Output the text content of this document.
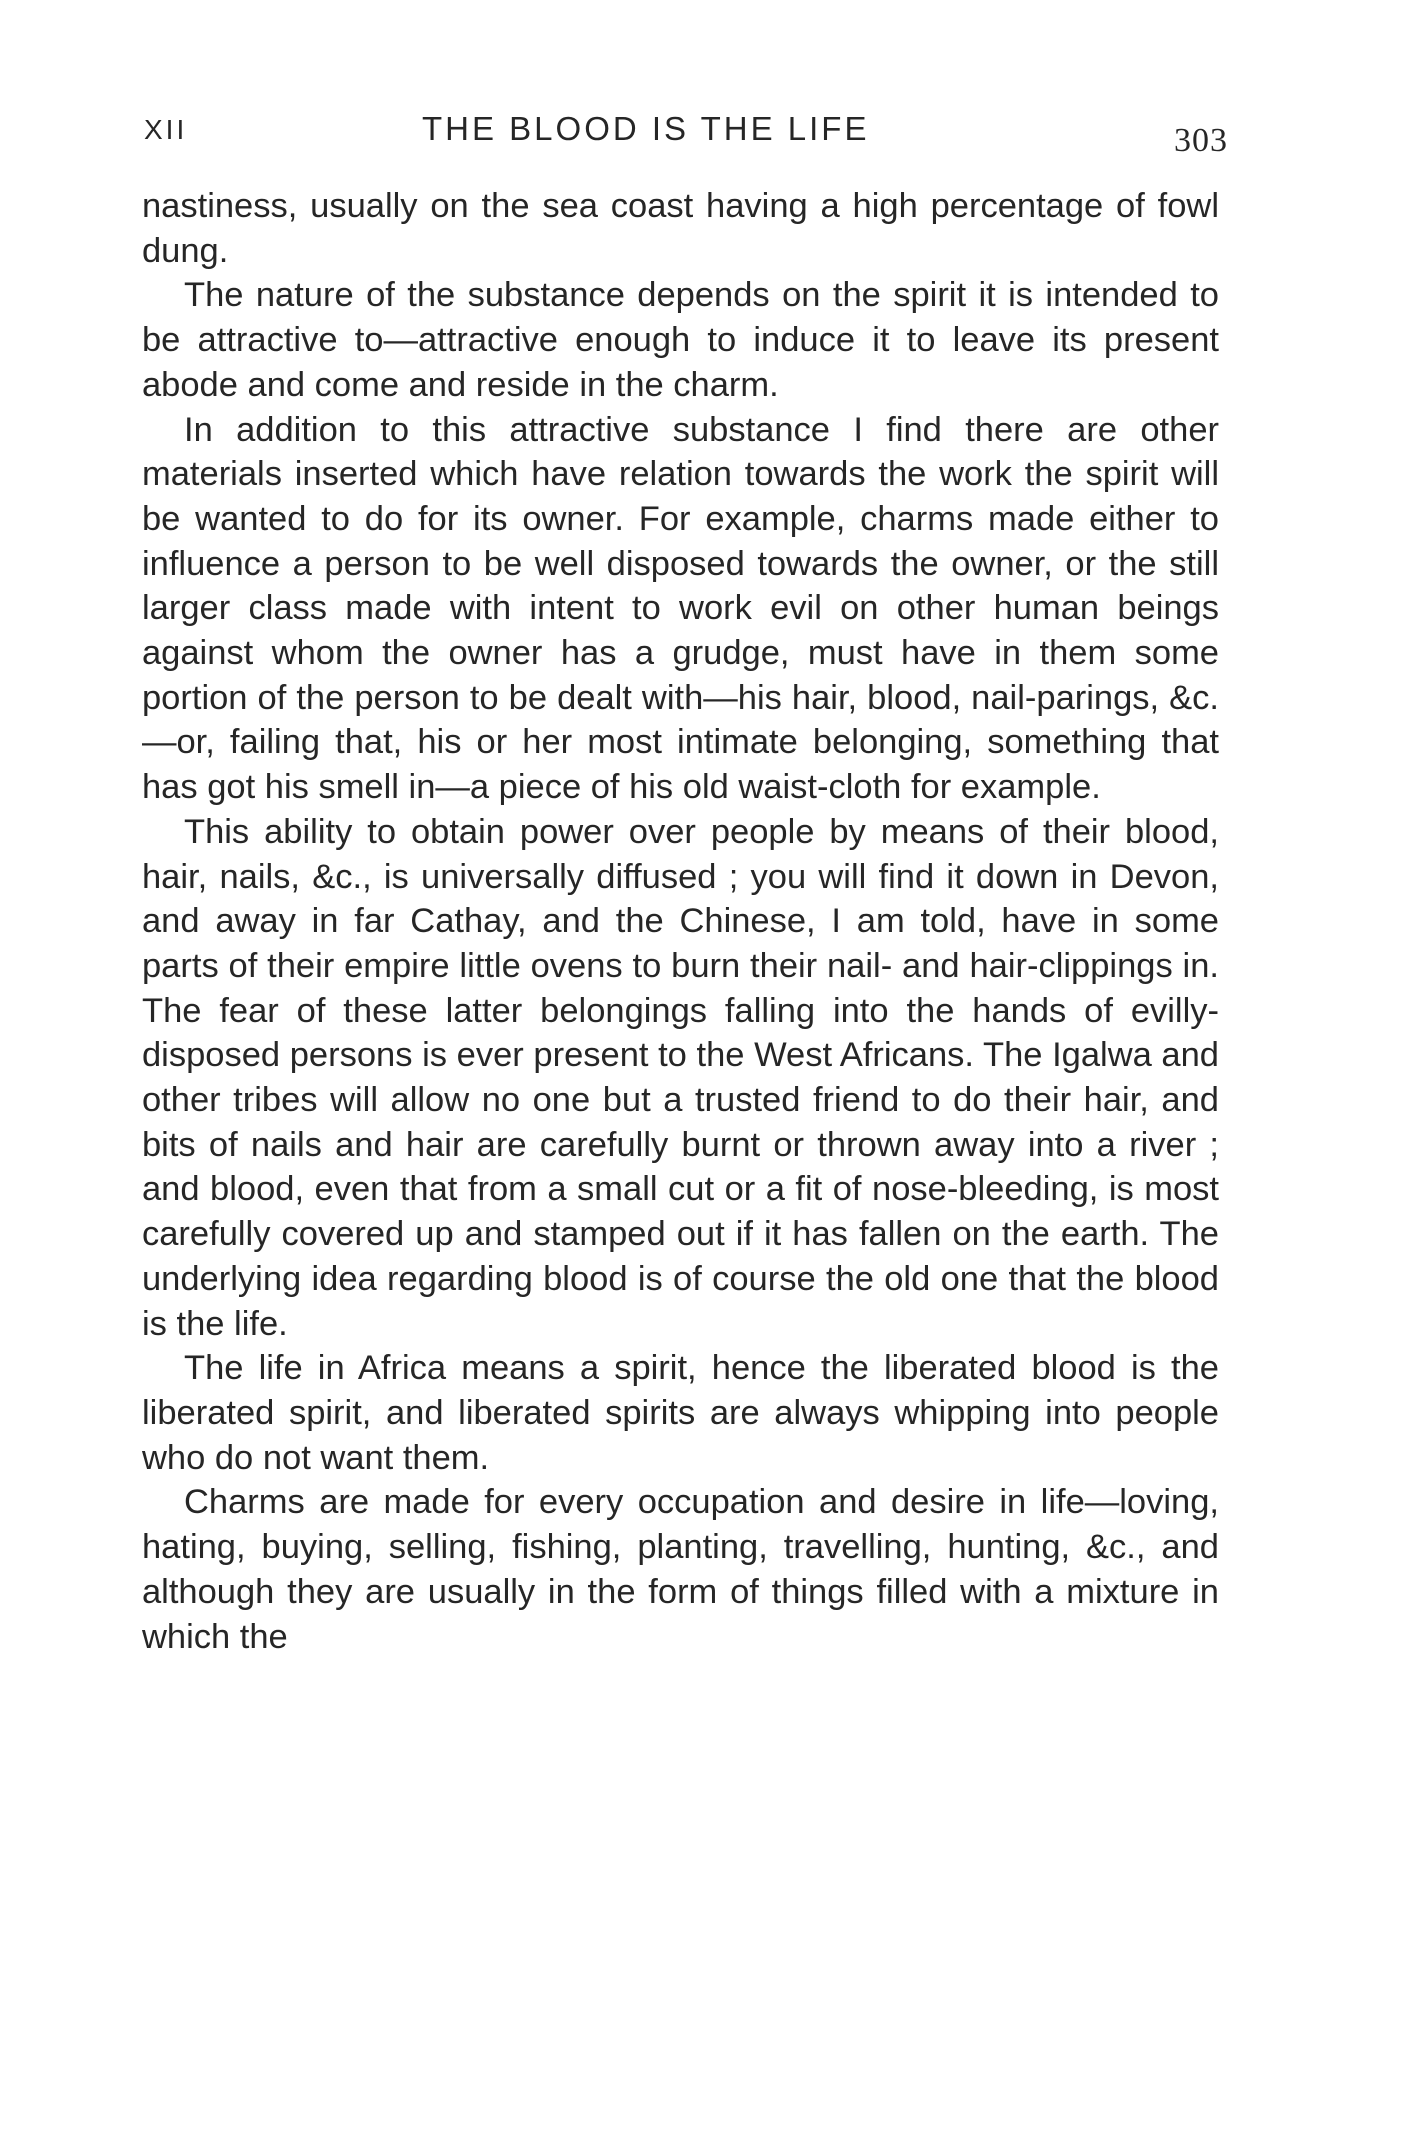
XII	THE BLOOD IS THE LIFE	303

nastiness, usually on the sea coast having a high percentage of fowl dung.

The nature of the substance depends on the spirit it is intended to be attractive to—attractive enough to induce it to leave its present abode and come and reside in the charm.

In addition to this attractive substance I find there are other materials inserted which have relation towards the work the spirit will be wanted to do for its owner. For example, charms made either to influence a person to be well disposed towards the owner, or the still larger class made with intent to work evil on other human beings against whom the owner has a grudge, must have in them some portion of the person to be dealt with—his hair, blood, nail-parings, &c.—or, failing that, his or her most intimate belonging, something that has got his smell in—a piece of his old waist-cloth for example.

This ability to obtain power over people by means of their blood, hair, nails, &c., is universally diffused ; you will find it down in Devon, and away in far Cathay, and the Chinese, I am told, have in some parts of their empire little ovens to burn their nail- and hair-clippings in. The fear of these latter belongings falling into the hands of evilly-disposed persons is ever present to the West Africans. The Igalwa and other tribes will allow no one but a trusted friend to do their hair, and bits of nails and hair are carefully burnt or thrown away into a river ; and blood, even that from a small cut or a fit of nose-bleeding, is most carefully covered up and stamped out if it has fallen on the earth. The underlying idea regarding blood is of course the old one that the blood is the life.

The life in Africa means a spirit, hence the liberated blood is the liberated spirit, and liberated spirits are always whipping into people who do not want them.

Charms are made for every occupation and desire in life—loving, hating, buying, selling, fishing, planting, travelling, hunting, &c., and although they are usually in the form of things filled with a mixture in which the
